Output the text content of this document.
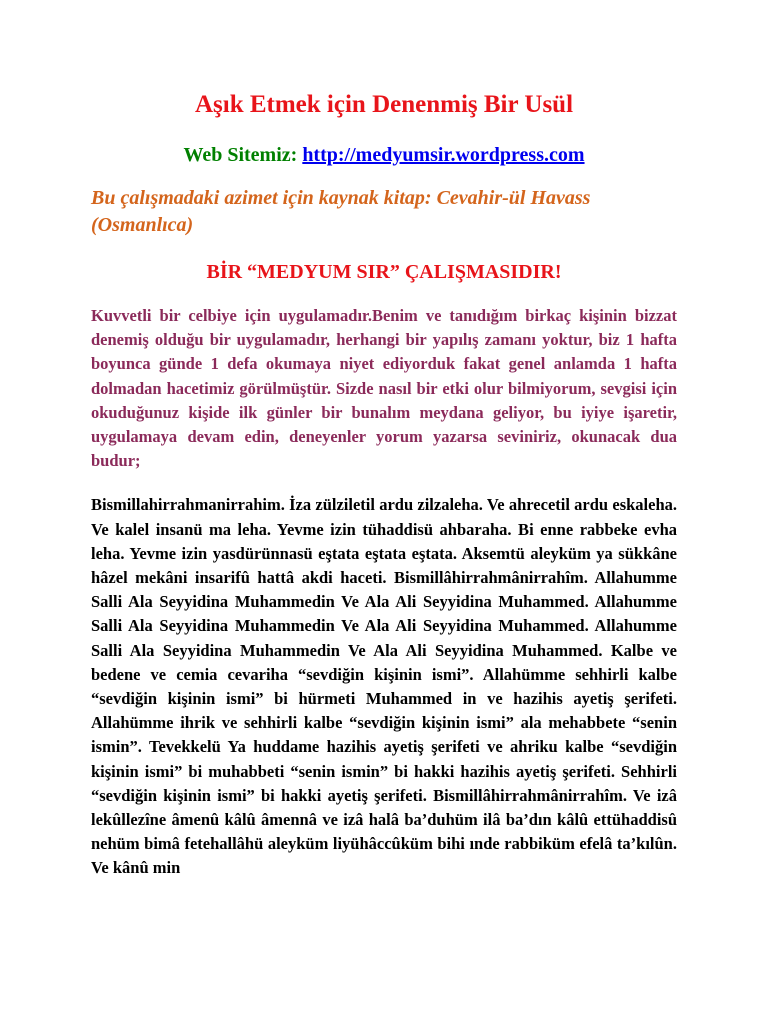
Aşık Etmek için Denenmiş Bir Usül

Web Sitemiz: http://medyumsir.wordpress.com

Bu çalışmadaki azimet için kaynak kitap: Cevahir-ül Havass (Osmanlıca)

BİR “MEDYUM SIR” ÇALIŞMASIDIR!

Kuvvetli bir celbiye için uygulamadır.Benim ve tanıdığım birkaç kişinin bizzat denemiş olduğu bir uygulamadır, herhangi bir yapılış zamanı yoktur, biz 1 hafta boyunca günde 1 defa okumaya niyet ediyorduk fakat genel anlamda 1 hafta dolmadan hacetimiz görülmüştür. Sizde nasıl bir etki olur bilmiyorum, sevgisi için okuduğunuz kişide ilk günler bir bunalım meydana geliyor, bu iyiye işaretir, uygulamaya devam edin, deneyenler yorum yazarsa seviniriz, okunacak dua budur;

Bismillahirrahmanirrahim. İza zülziletil ardu zilzaleha. Ve ahrecetil ardu eskaleha. Ve kalel insanü ma leha. Yevme izin tühaddisü ahbaraha. Bi enne rabbeke evha leha. Yevme izin yasdürünnasü eştata eştata eştata. Aksemtü aleyküm ya sükkâne hâzel mekâni insarifû hattâ akdi haceti. Bismillâhirrahmânirrahîm. Allahumme Salli Ala Seyyidina Muhammedin Ve Ala Ali Seyyidina Muhammed. Allahumme Salli Ala Seyyidina Muhammedin Ve Ala Ali Seyyidina Muhammed. Allahumme Salli Ala Seyyidina Muhammedin Ve Ala Ali Seyyidina Muhammed. Kalbe ve bedene ve cemia cevariha “sevdiğin kişinin ismi”. Allahümme sehhirli kalbe “sevdiğin kişinin ismi” bi hürmeti Muhammed in ve hazihis ayetiş şerifeti. Allahümme ihrik ve sehhirli kalbe “sevdiğin kişinin ismi” ala mehabbete “senin ismin”. Tevekkelü Ya huddame hazihis ayetiş şerifeti ve ahriku kalbe “sevdiğin kişinin ismi” bi muhabbeti “senin ismin” bi hakki hazihis ayetiş şerifeti. Sehhirli “sevdiğin kişinin ismi” bi hakki ayetiş şerifeti. Bismillâhirrahmânirrahîm. Ve izâ lekûllezîne âmenû kâlû âmennâ ve izâ halâ ba’duhüm ilâ ba’dın kâlû ettühaddisû nehüm bimâ fetehallâhü aleyküm liyühâccûküm bihi ınde rabbiküm efelâ ta’kılûn. Ve kânû min
